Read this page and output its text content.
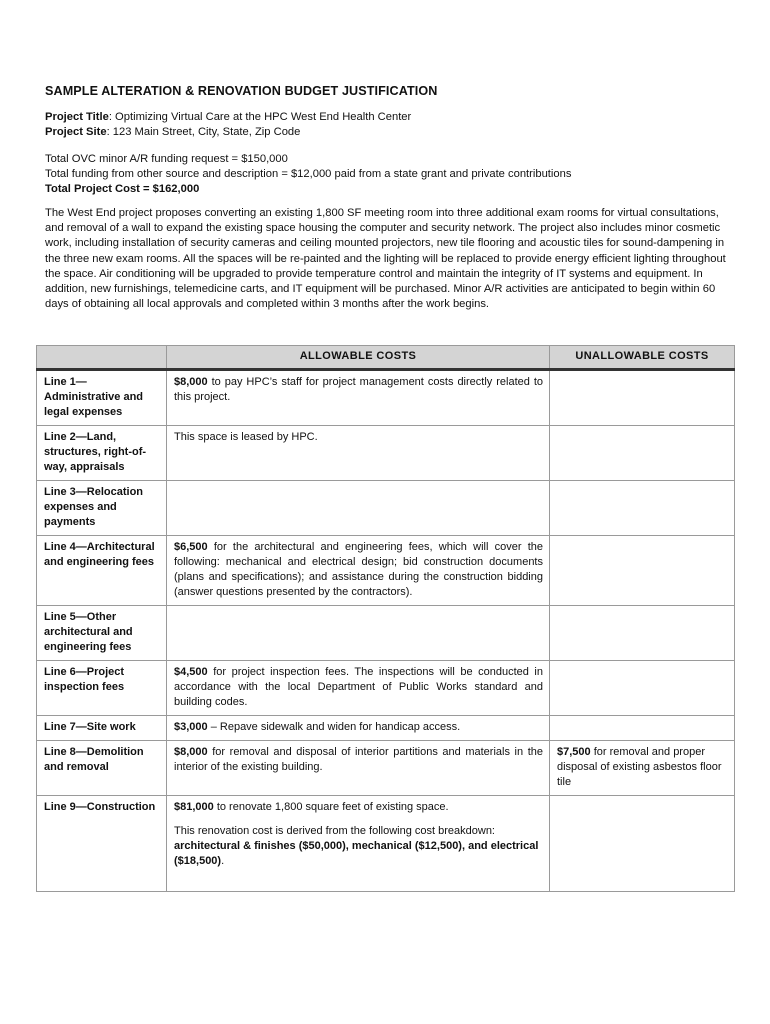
SAMPLE ALTERATION & RENOVATION BUDGET JUSTIFICATION
Project Title: Optimizing Virtual Care at the HPC West End Health Center
Project Site: 123 Main Street, City, State, Zip Code
Total OVC minor A/R funding request = $150,000
Total funding from other source and description = $12,000 paid from a state grant and private contributions
Total Project Cost = $162,000
The West End project proposes converting an existing 1,800 SF meeting room into three additional exam rooms for virtual consultations, and removal of a wall to expand the existing space housing the computer and security network. The project also includes minor cosmetic work, including installation of security cameras and ceiling mounted projectors, new tile flooring and acoustic tiles for sound-dampening in the three new exam rooms. All the spaces will be re-painted and the lighting will be replaced to provide energy efficient lighting throughout the space. Air conditioning will be upgraded to provide temperature control and maintain the integrity of IT systems and equipment. In addition, new furnishings, telemedicine carts, and IT equipment will be purchased. Minor A/R activities are anticipated to begin within 60 days of obtaining all local approvals and completed within 3 months after the work begins.
	ALLOWABLE COSTS	UNALLOWABLE COSTS
Line 1—Administrative and legal expenses	$8,000 to pay HPC’s staff for project management costs directly related to this project.	
Line 2—Land, structures, right-of-way, appraisals	This space is leased by HPC.	
Line 3—Relocation expenses and payments		
Line 4—Architectural and engineering fees	$6,500 for the architectural and engineering fees, which will cover the following: mechanical and electrical design; bid construction documents (plans and specifications); and assistance during the construction bidding (answer questions presented by the contractors).	
Line 5—Other architectural and engineering fees		
Line 6—Project inspection fees	$4,500 for project inspection fees. The inspections will be conducted in accordance with the local Department of Public Works standard and building codes.	
Line 7—Site work	$3,000 – Repave sidewalk and widen for handicap access.	
Line 8—Demolition and removal	$8,000 for removal and disposal of interior partitions and materials in the interior of the existing building.	$7,500 for removal and proper disposal of existing asbestos floor tile
Line 9—Construction	$81,000 to renovate 1,800 square feet of existing space.
This renovation cost is derived from the following cost breakdown: architectural & finishes ($50,000), mechanical ($12,500), and electrical ($18,500).	
